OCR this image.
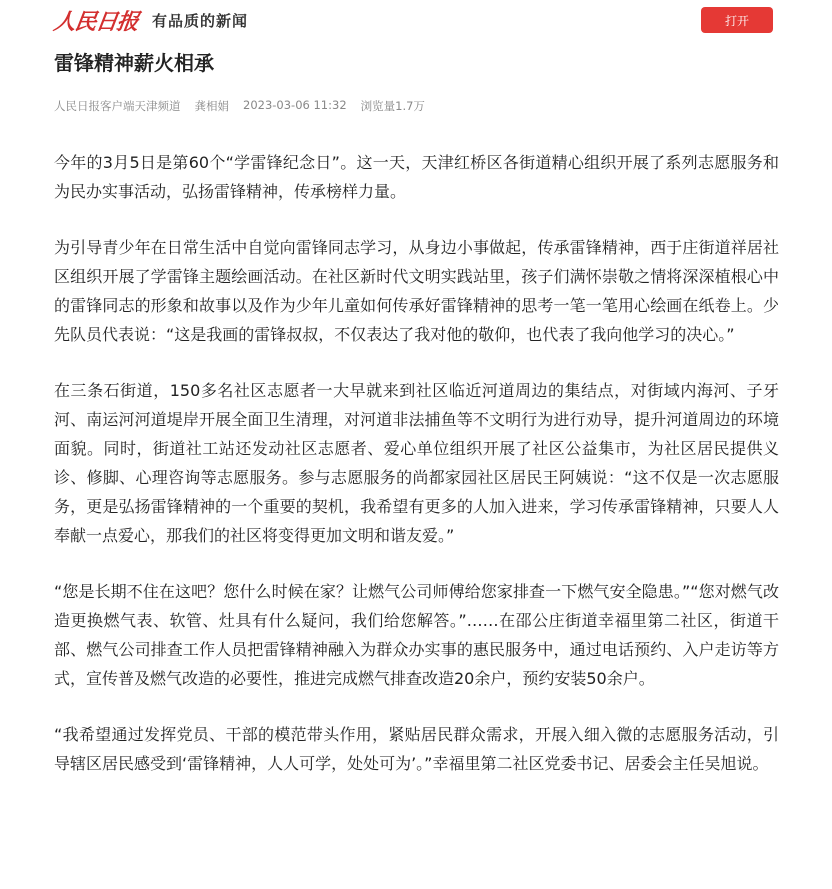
人民日报 有品质的新闻	打开
雷锋精神薪火相承
人民日报客户端天津频道 龚相娟 2023-03-06 11:32 浏览量1.7万

今年的3月5日是第60个“学雷锋纪念日”。这一天，天津红桥区各街道精心组织开展了系列志愿服务和为民办实事活动，弘扬雷锋精神，传承榜样力量。

为引导青少年在日常生活中自觉向雷锋同志学习，从身边小事做起，传承雷锋精神，西于庄街道祥居社区组织开展了学雷锋主题绘画活动。在社区新时代文明实践站里，孩子们满怀崇敬之情将深深植根心中的雷锋同志的形象和故事以及作为少年儿童如何传承好雷锋精神的思考一笔一笔用心绘画在纸卷上。少先队员代表说：“这是我画的雷锋叔叔，不仅表达了我对他的敬仰，也代表了我向他学习的决心。”

在三条石街道，150多名社区志愿者一大早就来到社区临近河道周边的集结点，对街域内海河、子牙河、南运河河道堤岸开展全面卫生清理，对河道非法捕鱼等不文明行为进行劝导，提升河道周边的环境面貌。同时，街道社工站还发动社区志愿者、爱心单位组织开展了社区公益集市，为社区居民提供义诊、修脚、心理咨询等志愿服务。参与志愿服务的尚都家园社区居民王阿姨说：“这不仅是一次志愿服务，更是弘扬雷锋精神的一个重要的契机，我希望有更多的人加入进来，学习传承雷锋精神，只要人人奉献一点爱心，那我们的社区将变得更加文明和谐友爱。”

“您是长期不住在这吧？您什么时候在家？让燃气公司师傅给您家排查一下燃气安全隐患。”“您对燃气改造更换燃气表、软管、灶具有什么疑问，我们给您解答。”……在邵公庄街道幸福里第二社区，街道干部、燃气公司排查工作人员把雷锋精神融入为群众办实事的惠民服务中，通过电话预约、入户走访等方式，宣传普及燃气改造的必要性，推进完成燃气排查改造20余户，预约安装50余户。

“我希望通过发挥党员、干部的模范带头作用，紧贴居民群众需求，开展入细入微的志愿服务活动，引导辖区居民感受到‘雷锋精神，人人可学，处处可为’。”幸福里第二社区党委书记、居委会主任吴旭说。
